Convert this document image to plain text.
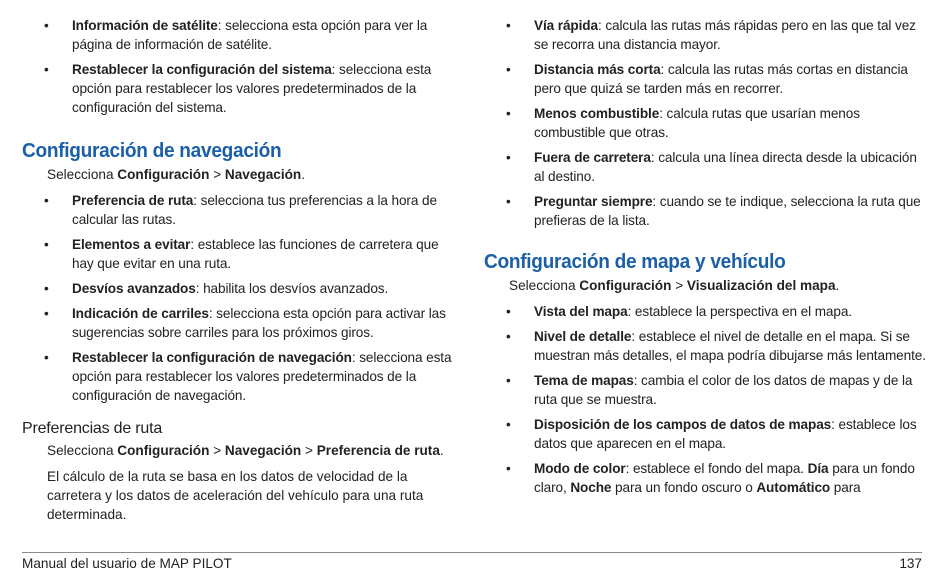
• Información de satélite: selecciona esta opción para ver la página de información de satélite.
• Restablecer la configuración del sistema: selecciona esta opción para restablecer los valores predeterminados de la configuración del sistema.
Configuración de navegación
Selecciona Configuración > Navegación.
• Preferencia de ruta: selecciona tus preferencias a la hora de calcular las rutas.
• Elementos a evitar: establece las funciones de carretera que hay que evitar en una ruta.
• Desvíos avanzados: habilita los desvíos avanzados.
• Indicación de carriles: selecciona esta opción para activar las sugerencias sobre carriles para los próximos giros.
• Restablecer la configuración de navegación: selecciona esta opción para restablecer los valores predeterminados de la configuración de navegación.
Preferencias de ruta
Selecciona Configuración > Navegación > Preferencia de ruta.
El cálculo de la ruta se basa en los datos de velocidad de la carretera y los datos de aceleración del vehículo para una ruta determinada.
• Vía rápida: calcula las rutas más rápidas pero en las que tal vez se recorra una distancia mayor.
• Distancia más corta: calcula las rutas más cortas en distancia pero que quizá se tarden más en recorrer.
• Menos combustible: calcula rutas que usarían menos combustible que otras.
• Fuera de carretera: calcula una línea directa desde la ubicación al destino.
• Preguntar siempre: cuando se te indique, selecciona la ruta que prefieras de la lista.
Configuración de mapa y vehículo
Selecciona Configuración > Visualización del mapa.
• Vista del mapa: establece la perspectiva en el mapa.
• Nivel de detalle: establece el nivel de detalle en el mapa. Si se muestran más detalles, el mapa podría dibujarse más lentamente.
• Tema de mapas: cambia el color de los datos de mapas y de la ruta que se muestra.
• Disposición de los campos de datos de mapas: establece los datos que aparecen en el mapa.
• Modo de color: establece el fondo del mapa. Día para un fondo claro, Noche para un fondo oscuro o Automático para
Manual del usuario de MAP PILOT	137
